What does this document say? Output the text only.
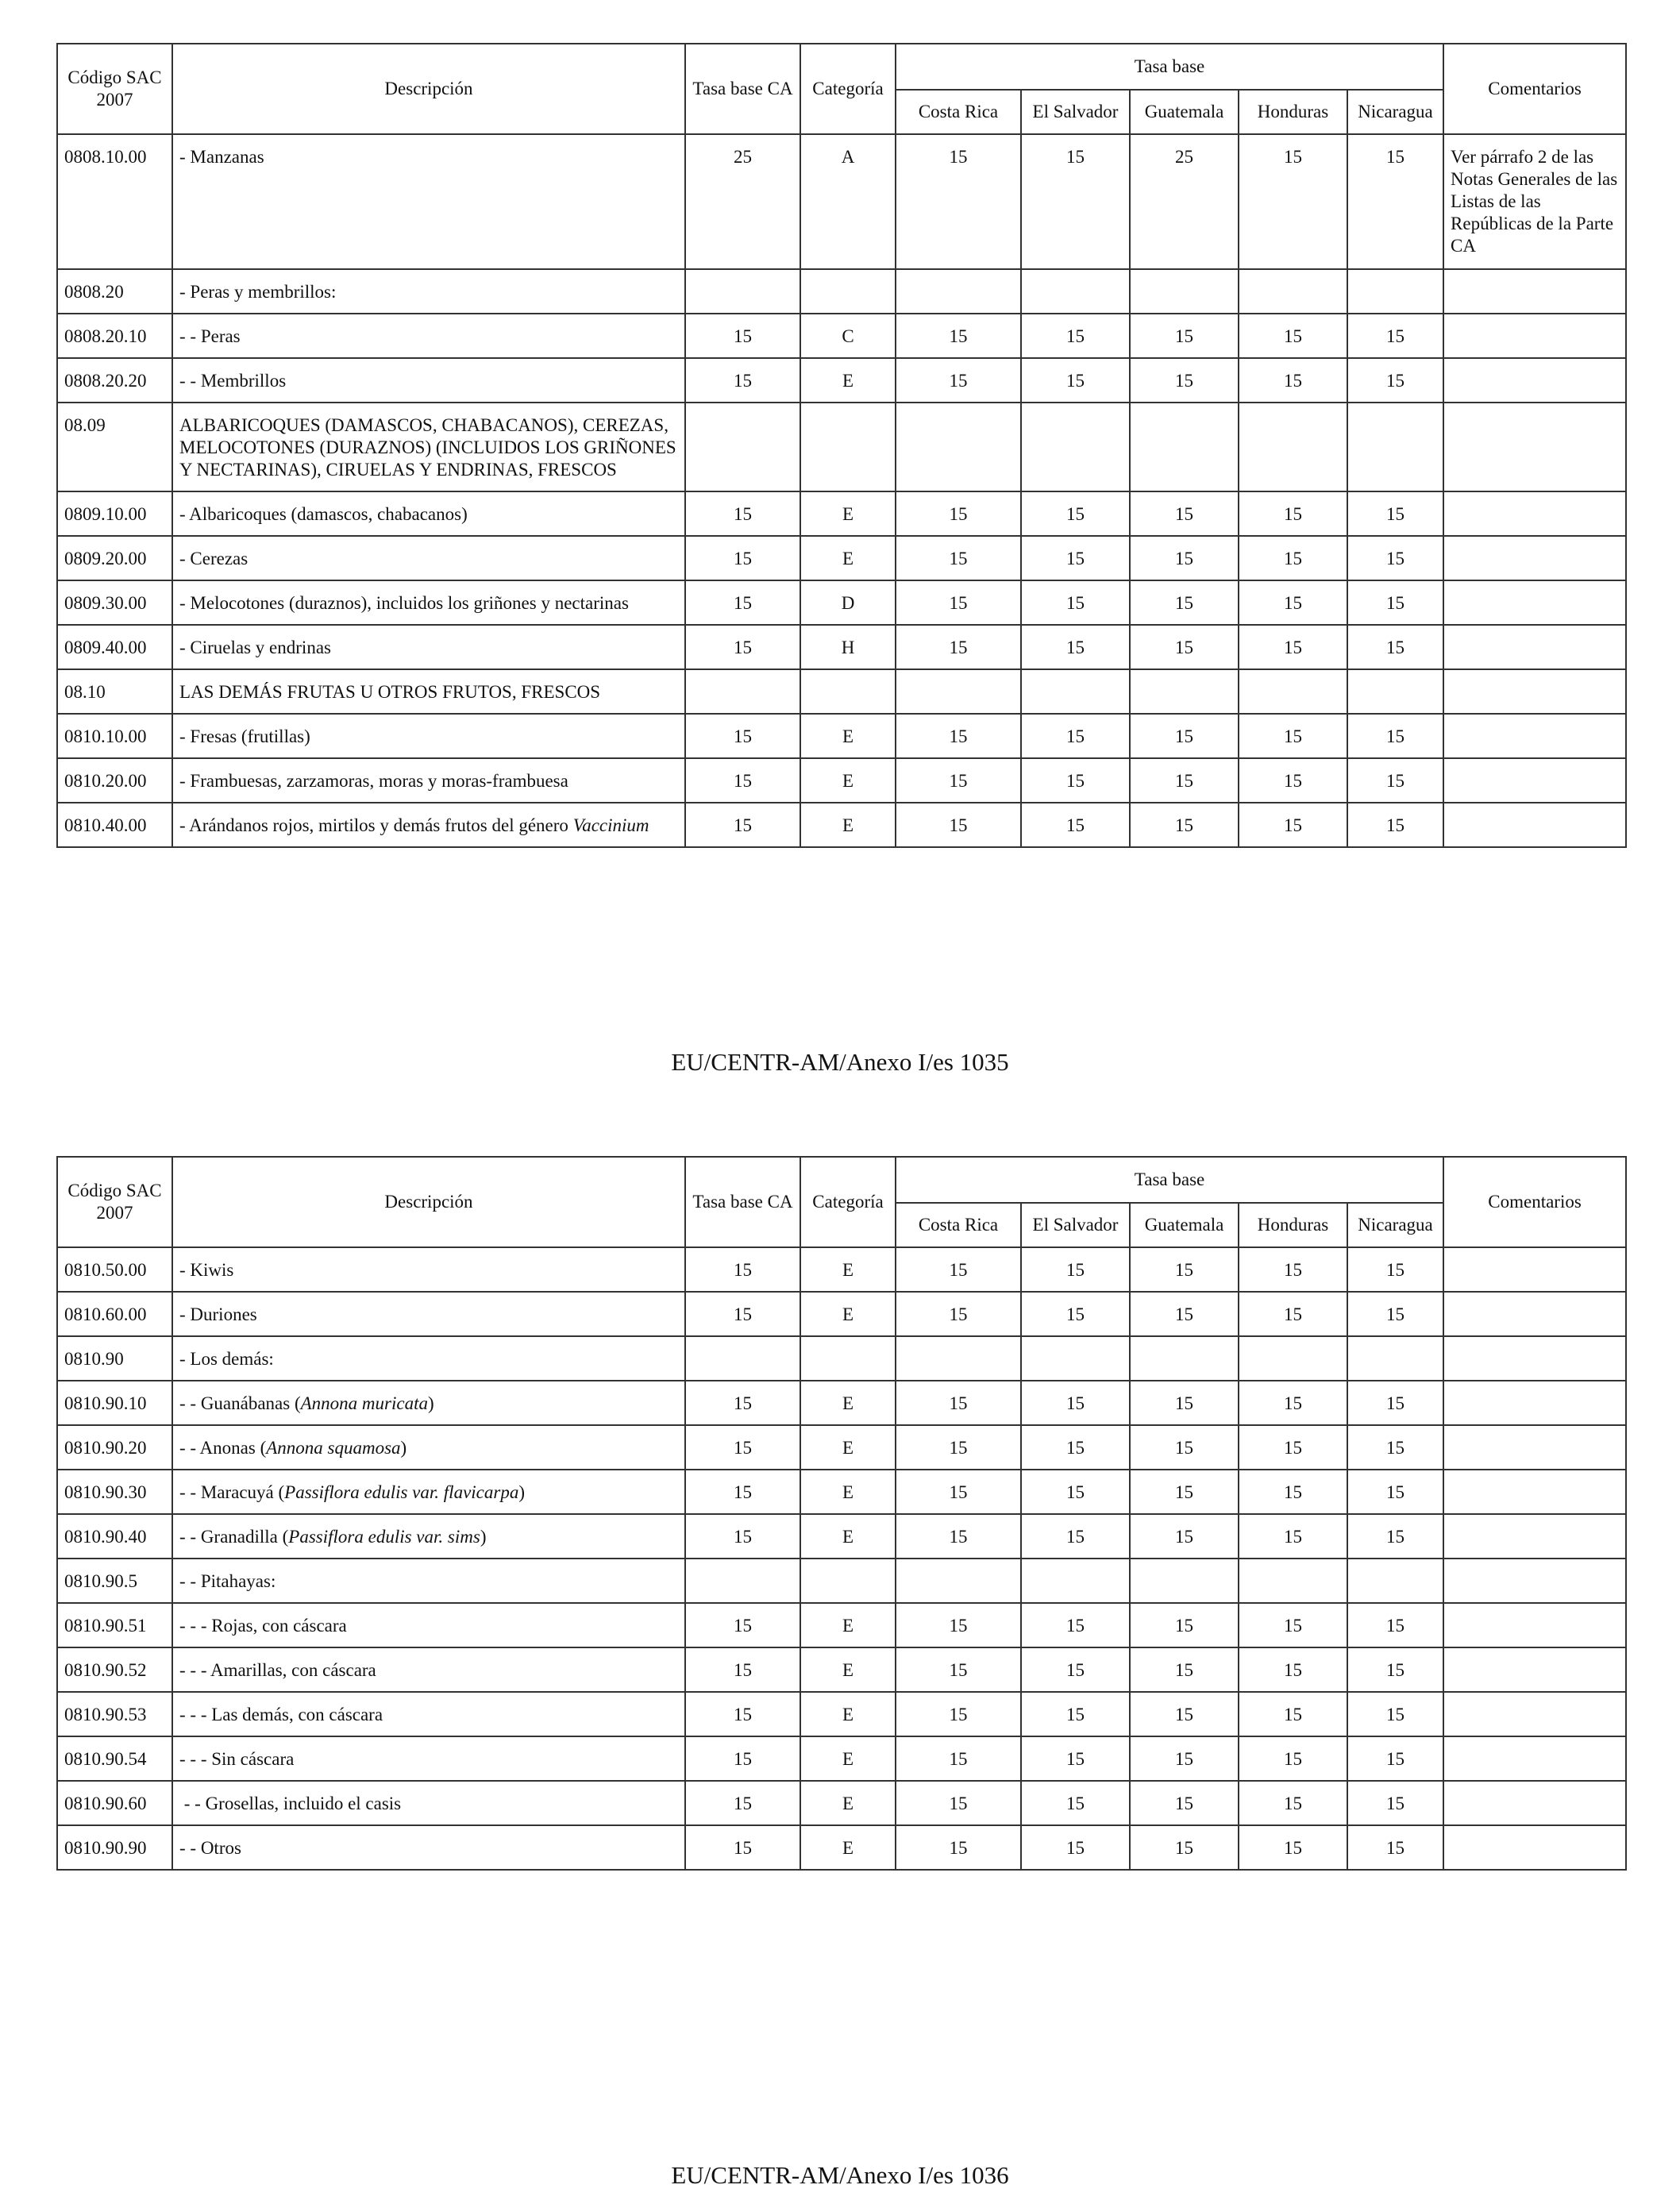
Código SAC 2007	Descripción	Tasa base CA	Categoría	Tasa base					Comentarios
				Costa Rica	El Salvador	Guatemala	Honduras	Nicaragua	
0808.10.00	- Manzanas	25	A	15	15	25	15	15	Ver párrafo 2 de las Notas Generales de las Listas de las Repúblicas de la Parte CA
0808.20	- Peras y membrillos:								
0808.20.10	- - Peras	15	C	15	15	15	15	15	
0808.20.20	- - Membrillos	15	E	15	15	15	15	15	
08.09	ALBARICOQUES (DAMASCOS, CHABACANOS), CEREZAS, MELOCOTONES (DURAZNOS) (INCLUIDOS LOS GRIÑONES Y NECTARINAS), CIRUELAS Y ENDRINAS, FRESCOS								
0809.10.00	- Albaricoques (damascos, chabacanos)	15	E	15	15	15	15	15	
0809.20.00	- Cerezas	15	E	15	15	15	15	15	
0809.30.00	- Melocotones (duraznos), incluidos los griñones y nectarinas	15	D	15	15	15	15	15	
0809.40.00	- Ciruelas y endrinas	15	H	15	15	15	15	15	
08.10	LAS DEMÁS FRUTAS U OTROS FRUTOS, FRESCOS								
0810.10.00	- Fresas (frutillas)	15	E	15	15	15	15	15	
0810.20.00	- Frambuesas, zarzamoras, moras y moras-frambuesa	15	E	15	15	15	15	15	
0810.40.00	- Arándanos rojos, mirtilos y demás frutos del género Vaccinium	15	E	15	15	15	15	15	
EU/CENTR-AM/Anexo I/es 1035
Código SAC 2007	Descripción	Tasa base CA	Categoría	Tasa base					Comentarios
				Costa Rica	El Salvador	Guatemala	Honduras	Nicaragua	
0810.50.00	- Kiwis	15	E	15	15	15	15	15	
0810.60.00	- Duriones	15	E	15	15	15	15	15	
0810.90	- Los demás:								
0810.90.10	- - Guanábanas (Annona muricata)	15	E	15	15	15	15	15	
0810.90.20	- - Anonas (Annona squamosa)	15	E	15	15	15	15	15	
0810.90.30	- - Maracuyá (Passiflora edulis var. flavicarpa)	15	E	15	15	15	15	15	
0810.90.40	- - Granadilla (Passiflora edulis var. sims)	15	E	15	15	15	15	15	
0810.90.5	- - Pitahayas:								
0810.90.51	- - - Rojas, con cáscara	15	E	15	15	15	15	15	
0810.90.52	- - - Amarillas, con cáscara	15	E	15	15	15	15	15	
0810.90.53	- - - Las demás, con cáscara	15	E	15	15	15	15	15	
0810.90.54	- - - Sin cáscara	15	E	15	15	15	15	15	
0810.90.60	- - Grosellas, incluido el casis	15	E	15	15	15	15	15	
0810.90.90	- - Otros	15	E	15	15	15	15	15	
EU/CENTR-AM/Anexo I/es 1036
